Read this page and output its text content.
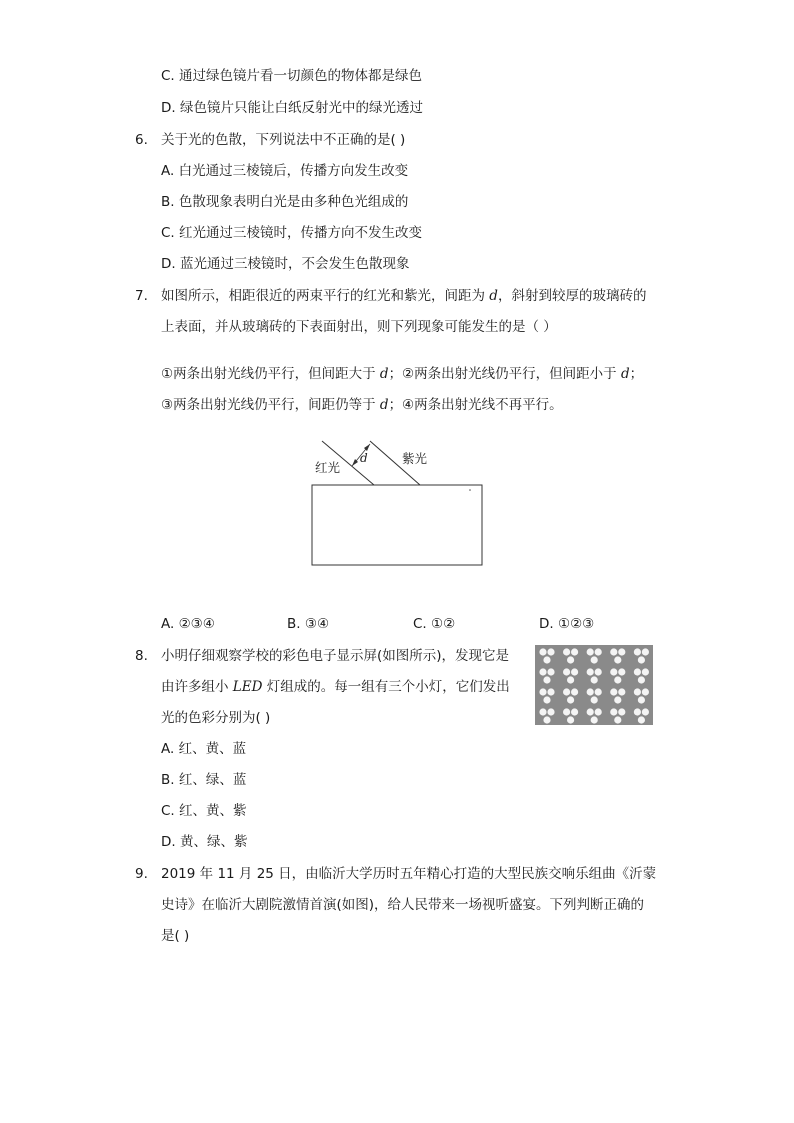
C. 通过绿色镜片看一切颜色的物体都是绿色
D. 绿色镜片只能让白纸反射光中的绿光透过
6. 关于光的色散，下列说法中不正确的是( )
A. 白光通过三棱镜后，传播方向发生改变
B. 色散现象表明白光是由多种色光组成的
C. 红光通过三棱镜时，传播方向不发生改变
D. 蓝光通过三棱镜时，不会发生色散现象
7. 如图所示，相距很近的两束平行的红光和紫光，间距为 d，斜射到较厚的玻璃砖的
上表面，并从玻璃砖的下表面射出，则下列现象可能发生的是（ ）
①两条出射光线仍平行，但间距大于 d；②两条出射光线仍平行，但间距小于 d；
③两条出射光线仍平行，间距仍等于 d；④两条出射光线不再平行。
d
红光
紫光
A. ②③④	B. ③④	C. ①②	D. ①②③
8. 小明仔细观察学校的彩色电子显示屏(如图所示)，发现它是
由许多组小 LED 灯组成的。每一组有三个小灯，它们发出
光的色彩分别为( )
A. 红、黄、蓝
B. 红、绿、蓝
C. 红、黄、紫
D. 黄、绿、紫
9. 2019 年 11 月 25 日，由临沂大学历时五年精心打造的大型民族交响乐组曲《沂蒙
史诗》在临沂大剧院激情首演(如图)，给人民带来一场视听盛宴。下列判断正确的
是( )
